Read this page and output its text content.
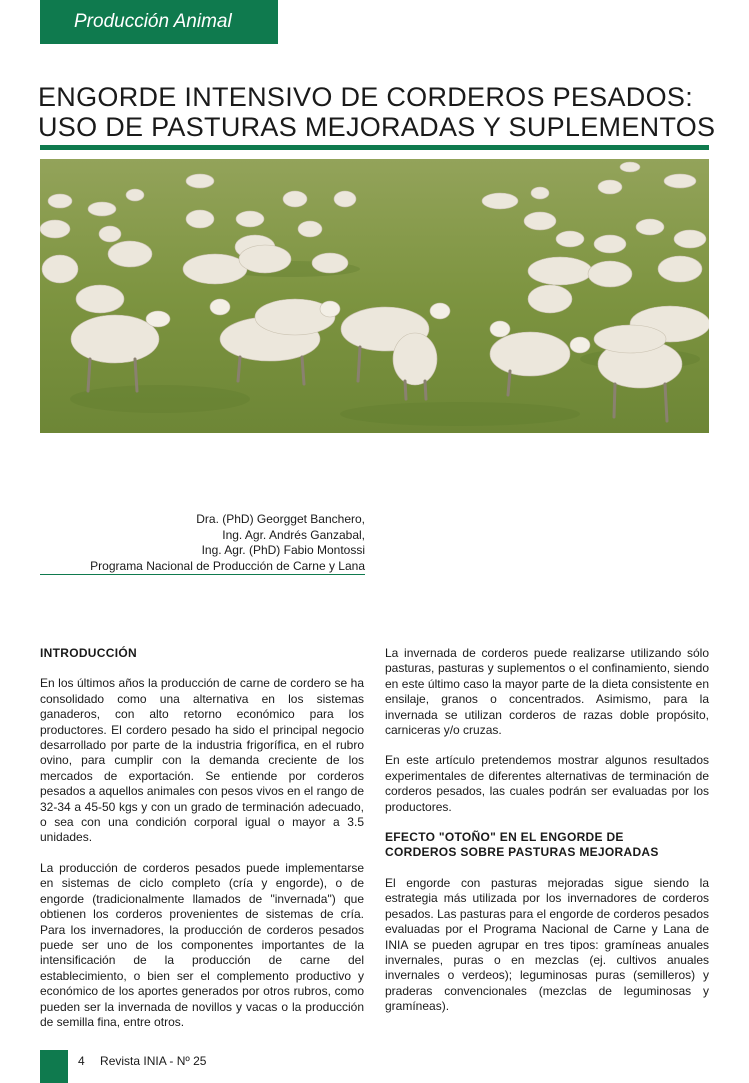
Producción Animal
ENGORDE INTENSIVO DE CORDEROS PESADOS:
USO DE PASTURAS MEJORADAS Y SUPLEMENTOS
Dra. (PhD) Georgget Banchero,
Ing. Agr. Andrés Ganzabal,
Ing. Agr. (PhD) Fabio Montossi
Programa Nacional de Producción de Carne y Lana
INTRODUCCIÓN

En los últimos años la producción de carne de cordero se ha consolidado como una alternativa en los sistemas ganaderos, con alto retorno económico para los productores. El cordero pesado ha sido el principal negocio desarrollado por parte de la industria frigorífica, en el rubro ovino, para cumplir con la demanda creciente de los mercados de exportación. Se entiende por corderos pesados a aquellos animales con pesos vivos en el rango de 32-34 a 45-50 kgs y con un grado de terminación adecuado, o sea con una condición corporal igual o mayor a 3.5 unidades.

La producción de corderos pesados puede implementarse en sistemas de ciclo completo (cría y engorde), o de engorde (tradicionalmente llamados de "invernada") que obtienen los corderos provenientes de sistemas de cría. Para los invernadores, la producción de corderos pesados puede ser uno de los componentes importantes de la intensificación de la producción de carne del establecimiento, o bien ser el complemento productivo y económico de los aportes generados por otros rubros, como pueden ser la invernada de novillos y vacas o la producción de semilla fina, entre otros.

La invernada de corderos puede realizarse utilizando sólo pasturas, pasturas y suplementos o el confinamiento, siendo en este último caso la mayor parte de la dieta consistente en ensilaje, granos o concentrados. Asimismo, para la invernada se utilizan corderos de razas doble propósito, carniceras y/o cruzas.

En este artículo pretendemos mostrar algunos resultados experimentales de diferentes alternativas de terminación de corderos pesados, las cuales podrán ser evaluadas por los productores.

EFECTO "OTOÑO" EN EL ENGORDE DE
CORDEROS SOBRE PASTURAS MEJORADAS

El engorde con pasturas mejoradas sigue siendo la estrategia más utilizada por los invernadores de corderos pesados. Las pasturas para el engorde de corderos pesados evaluadas por el Programa Nacional de Carne y Lana de INIA se pueden agrupar en tres tipos: gramíneas anuales invernales, puras o en mezclas (ej. cultivos anuales invernales o verdeos); leguminosas puras (semilleros) y praderas convencionales (mezclas de leguminosas y gramíneas).

4 Revista INIA - Nº 25
